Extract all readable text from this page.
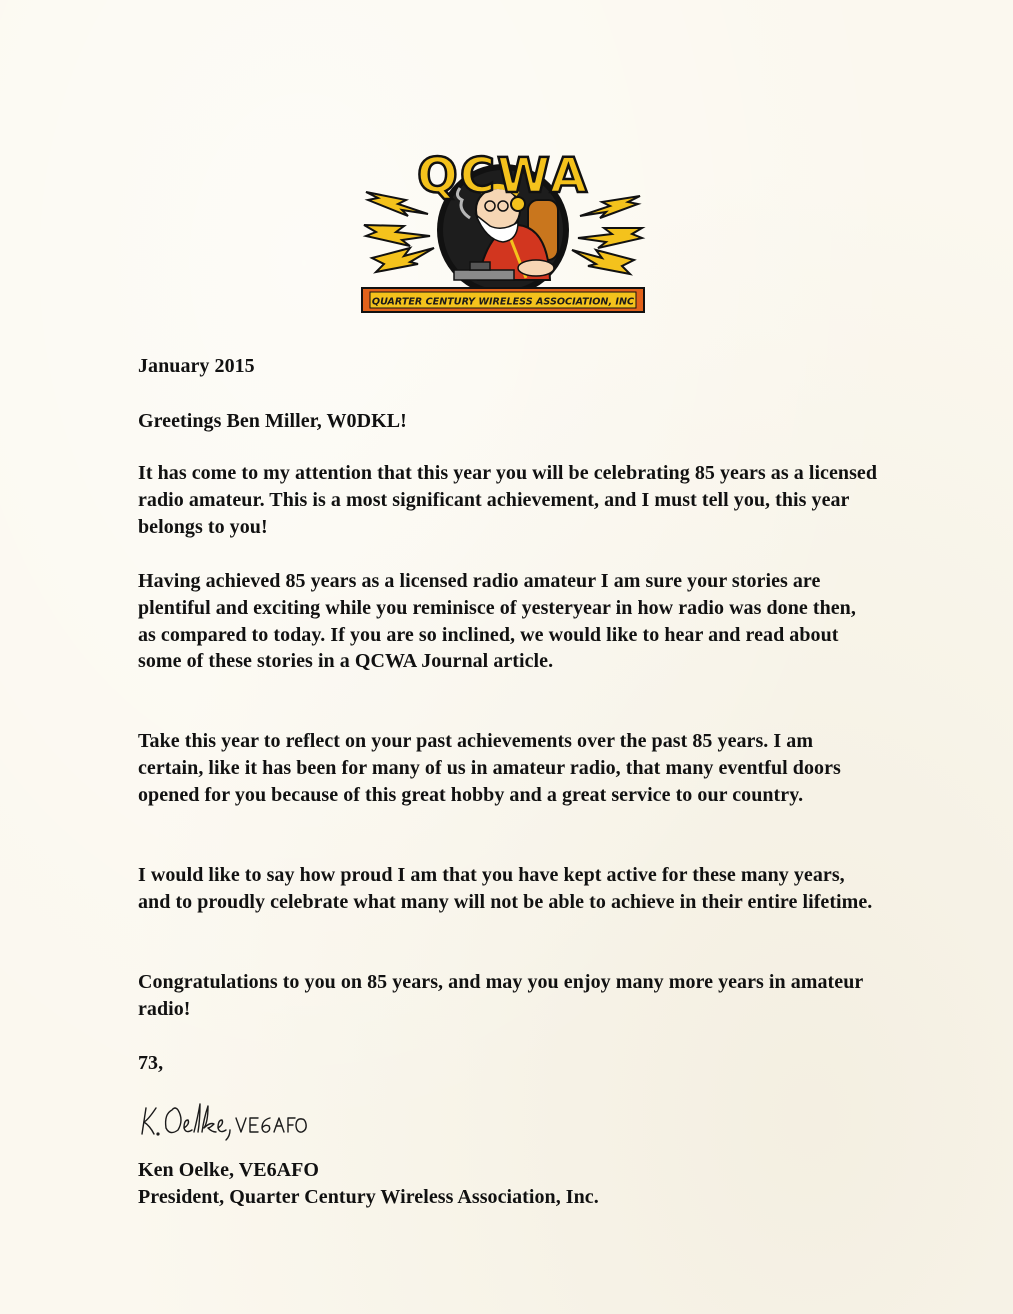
QCWA
QUARTER CENTURY WIRELESS ASSOCIATION, INC

January 2015

Greetings Ben Miller, W0DKL!

It has come to my attention that this year you will be celebrating 85 years as a licensed radio amateur. This is a most significant achievement, and I must tell you, this year belongs to you!

Having achieved 85 years as a licensed radio amateur I am sure your stories are plentiful and exciting while you reminisce of yesteryear in how radio was done then, as compared to today. If you are so inclined, we would like to hear and read about some of these stories in a QCWA Journal article.

Take this year to reflect on your past achievements over the past 85 years. I am certain, like it has been for many of us in amateur radio, that many eventful doors opened for you because of this great hobby and a great service to our country.

I would like to say how proud I am that you have kept active for these many years, and to proudly celebrate what many will not be able to achieve in their entire lifetime.

Congratulations to you on 85 years, and may you enjoy many more years in amateur radio!

73,

Ken Oelke, VE6AFO

President, Quarter Century Wireless Association, Inc.
